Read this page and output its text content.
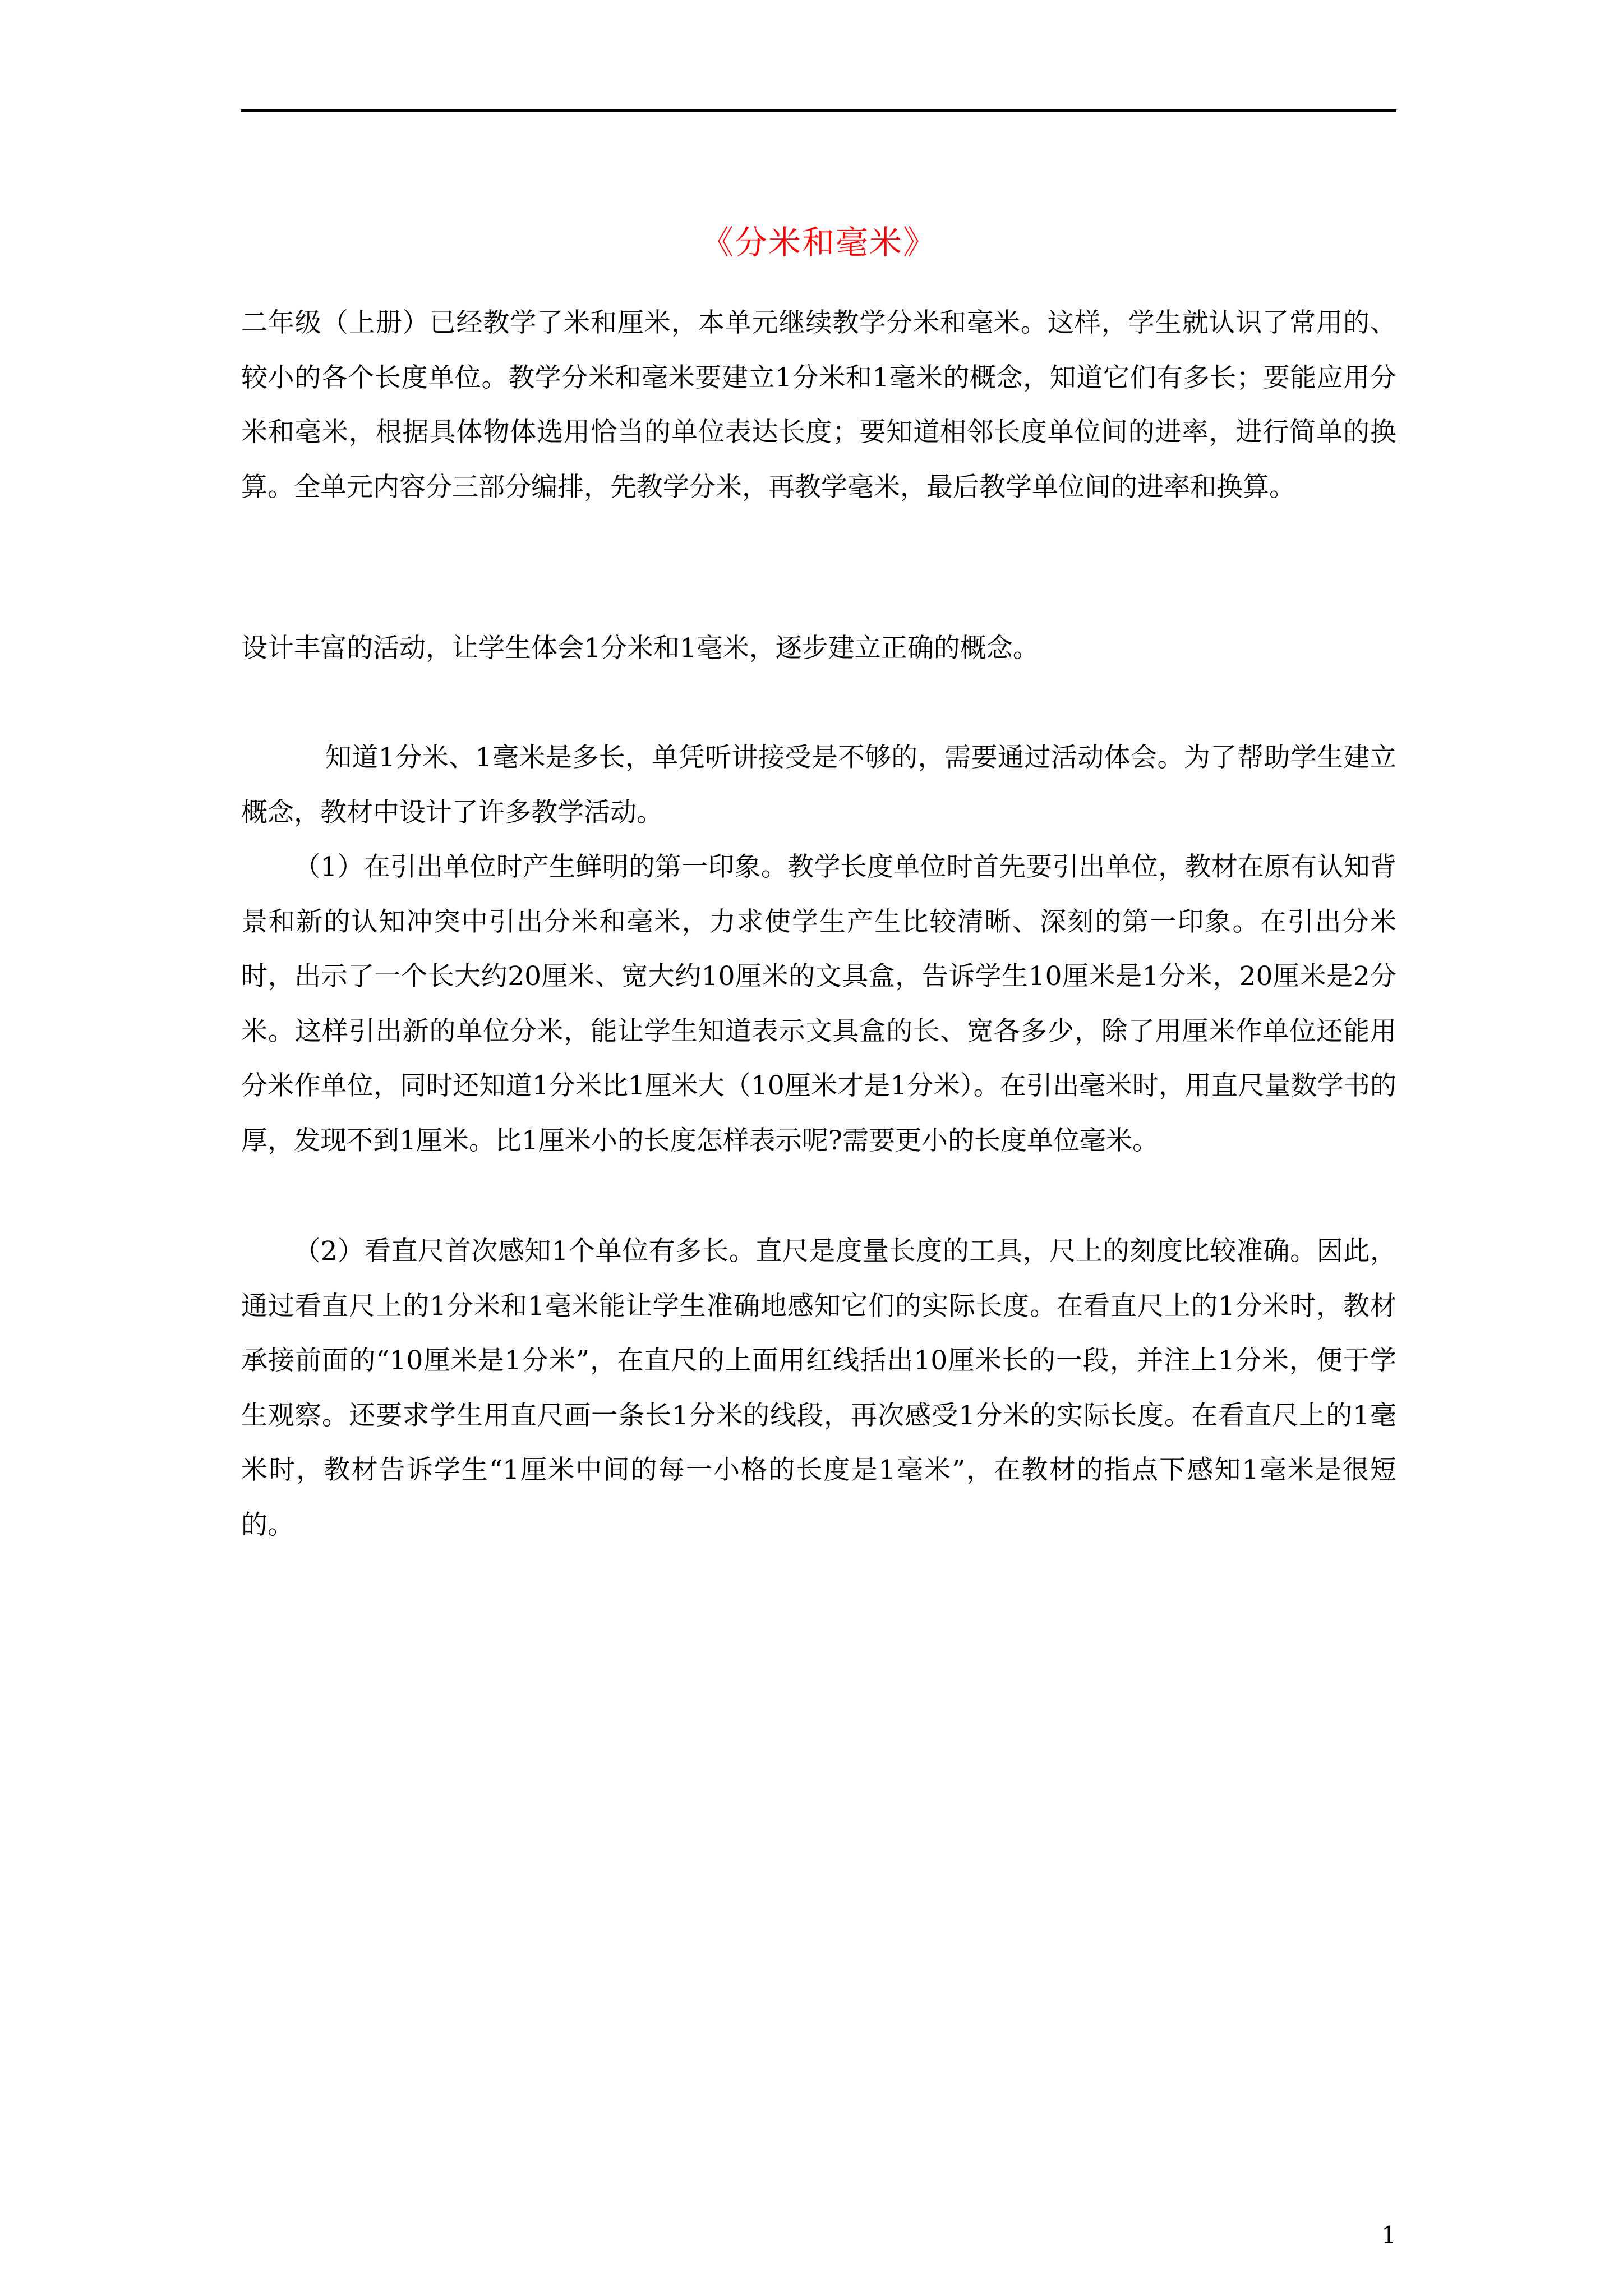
《分米和毫米》

二年级（上册）已经教学了米和厘米，本单元继续教学分米和毫米。这样，学生就认识了常用的、较小的各个长度单位。教学分米和毫米要建立1分米和1毫米的概念，知道它们有多长；要能应用分米和毫米，根据具体物体选用恰当的单位表达长度；要知道相邻长度单位间的进率，进行简单的换算。全单元内容分三部分编排，先教学分米，再教学毫米，最后教学单位间的进率和换算。

设计丰富的活动，让学生体会1分米和1毫米，逐步建立正确的概念。

知道1分米、1毫米是多长，单凭听讲接受是不够的，需要通过活动体会。为了帮助学生建立概念，教材中设计了许多教学活动。

（1）在引出单位时产生鲜明的第一印象。教学长度单位时首先要引出单位，教材在原有认知背景和新的认知冲突中引出分米和毫米，力求使学生产生比较清晰、深刻的第一印象。在引出分米时，出示了一个长大约20厘米、宽大约10厘米的文具盒，告诉学生10厘米是1分米，20厘米是2分米。这样引出新的单位分米，能让学生知道表示文具盒的长、宽各多少，除了用厘米作单位还能用分米作单位，同时还知道1分米比1厘米大（10厘米才是1分米）。在引出毫米时，用直尺量数学书的厚，发现不到1厘米。比1厘米小的长度怎样表示呢?需要更小的长度单位毫米。

（2）看直尺首次感知1个单位有多长。直尺是度量长度的工具，尺上的刻度比较准确。因此，通过看直尺上的1分米和1毫米能让学生准确地感知它们的实际长度。在看直尺上的1分米时，教材承接前面的“10厘米是1分米”，在直尺的上面用红线括出10厘米长的一段，并注上1分米，便于学生观察。还要求学生用直尺画一条长1分米的线段，再次感受1分米的实际长度。在看直尺上的1毫米时，教材告诉学生“1厘米中间的每一小格的长度是1毫米”，在教材的指点下感知1毫米是很短的。

1
